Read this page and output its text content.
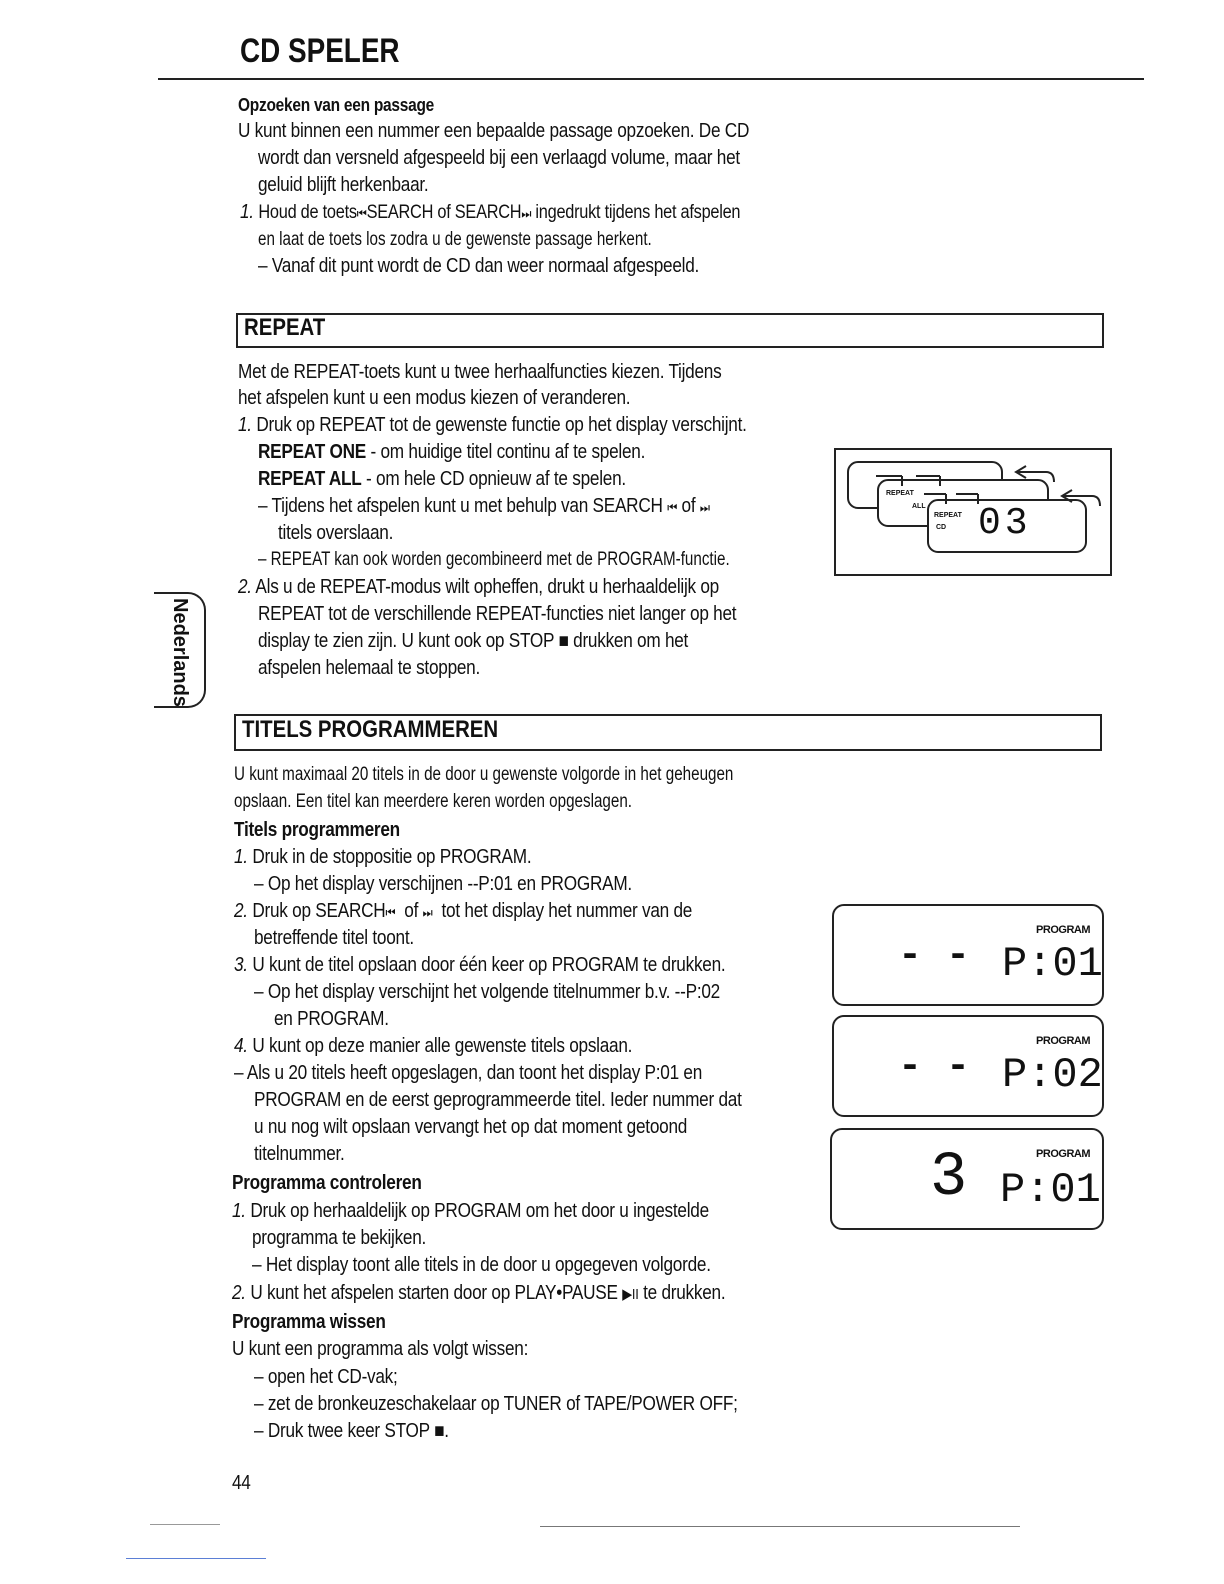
CD SPELER
Opzoeken van een passage
U kunt binnen een nummer een bepaalde passage opzoeken. De CD
wordt dan versneld afgespeeld bij een verlaagd volume, maar het
geluid blijft herkenbaar.
1. Houd de toets⏮SEARCH of SEARCH⏭ ingedrukt tijdens het afspelen
en laat de toets los zodra u de gewenste passage herkent.
– Vanaf dit punt wordt de CD dan weer normaal afgespeeld.
REPEAT
Met de REPEAT-toets kunt u twee herhaalfuncties kiezen. Tijdens
het afspelen kunt u een modus kiezen of veranderen.
1. Druk op REPEAT tot de gewenste functie op het display verschijnt.
REPEAT ONE - om huidige titel continu af te spelen.
REPEAT ALL - om hele CD opnieuw af te spelen.
– Tijdens het afspelen kunt u met behulp van SEARCH ⏮ of ⏭
titels overslaan.
– REPEAT kan ook worden gecombineerd met de PROGRAM-functie.
2. Als u de REPEAT-modus wilt opheffen, drukt u herhaaldelijk op
REPEAT tot de verschillende REPEAT-functies niet langer op het
display te zien zijn. U kunt ook op STOP ■ drukken om het
afspelen helemaal te stoppen.
REPEAT
ALL
REPEAT
CD 03
Nederlands
TITELS PROGRAMMEREN
U kunt maximaal 20 titels in de door u gewenste volgorde in het geheugen
opslaan. Een titel kan meerdere keren worden opgeslagen.
Titels programmeren
1. Druk in de stoppositie op PROGRAM.
– Op het display verschijnen --P:01 en PROGRAM.
2. Druk op SEARCH⏮ of ⏭ tot het display het nummer van de
betreffende titel toont.
3. U kunt de titel opslaan door één keer op PROGRAM te drukken.
– Op het display verschijnt het volgende titelnummer b.v. --P:02
en PROGRAM.
4. U kunt op deze manier alle gewenste titels opslaan.
– Als u 20 titels heeft opgeslagen, dan toont het display P:01 en
PROGRAM en de eerst geprogrammeerde titel. Ieder nummer dat
u nu nog wilt opslaan vervangt het op dat moment getoond
titelnummer.
Programma controleren
1. Druk op herhaaldelijk op PROGRAM om het door u ingestelde
programma te bekijken.
– Het display toont alle titels in de door u opgegeven volgorde.
2. U kunt het afspelen starten door op PLAY•PAUSE ▶II te drukken.
Programma wissen
U kunt een programma als volgt wissen:
– open het CD-vak;
– zet de bronkeuzeschakelaar op TUNER of TAPE/POWER OFF;
– Druk twee keer STOP ■.
PROGRAM
- - P:01
PROGRAM
- - P:02
PROGRAM
3 P:01
44
